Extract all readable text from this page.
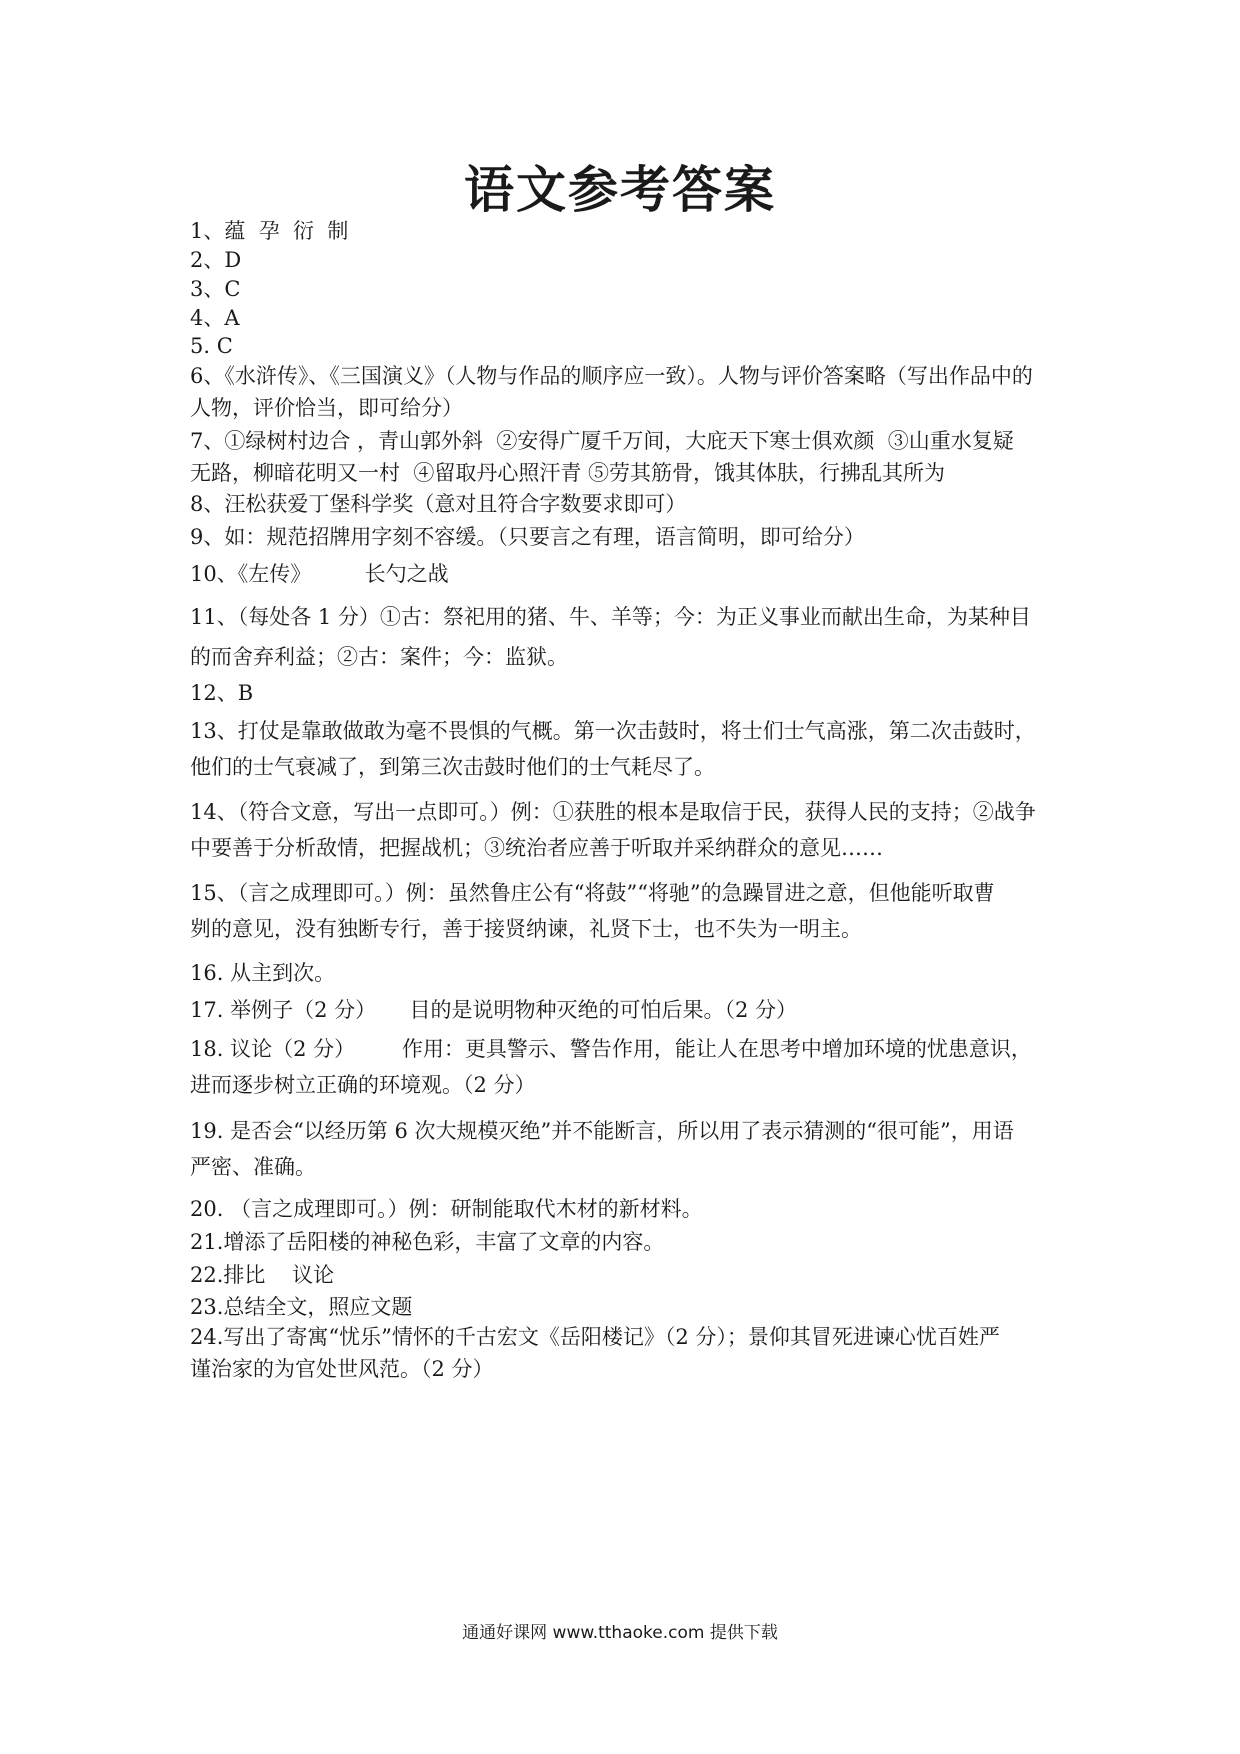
语文参考答案
1、蕴  孕  衍  制
2、D
3、C
4、A
5. C
6、《水浒传》、《三国演义》（人物与作品的顺序应一致）。人物与评价答案略（写出作品中的
人物，评价恰当，即可给分）
7、①绿树村边合 ，青山郭外斜  ②安得广厦千万间，大庇天下寒士俱欢颜  ③山重水复疑
无路，柳暗花明又一村  ④留取丹心照汗青 ⑤劳其筋骨，饿其体肤，行拂乱其所为
8、汪松获爱丁堡科学奖（意对且符合字数要求即可）
9、如：规范招牌用字刻不容缓。（只要言之有理，语言简明，即可给分）
10、《左传》        长勺之战
11、（每处各 1 分）①古：祭祀用的猪、牛、羊等；今：为正义事业而献出生命，为某种目
的而舍弃利益；②古：案件；今：监狱。
12、B
13、打仗是靠敢做敢为毫不畏惧的气概。第一次击鼓时，将士们士气高涨，第二次击鼓时，
他们的士气衰减了，到第三次击鼓时他们的士气耗尽了。
14、（符合文意，写出一点即可。）例：①获胜的根本是取信于民，获得人民的支持；②战争
中要善于分析敌情，把握战机；③统治者应善于听取并采纳群众的意见……
15、（言之成理即可。）例：虽然鲁庄公有“将鼓”“将驰”的急躁冒进之意，但他能听取曹
刿的意见，没有独断专行，善于接贤纳谏，礼贤下士，也不失为一明主。
16. 从主到次。
17. 举例子（2 分）     目的是说明物种灭绝的可怕后果。（2 分）
18. 议论（2 分）       作用：更具警示、警告作用，能让人在思考中增加环境的忧患意识，
进而逐步树立正确的环境观。（2 分）
19. 是否会“以经历第 6 次大规模灭绝”并不能断言，所以用了表示猜测的“很可能”，用语
严密、准确。
20. （言之成理即可。）例：研制能取代木材的新材料。
21.增添了岳阳楼的神秘色彩，丰富了文章的内容。
22.排比    议论
23.总结全文，照应文题
24.写出了寄寓“忧乐”情怀的千古宏文《岳阳楼记》（2 分）；景仰其冒死进谏心忧百姓严
谨治家的为官处世风范。（2 分）
通通好课网 www.tthaoke.com 提供下载
